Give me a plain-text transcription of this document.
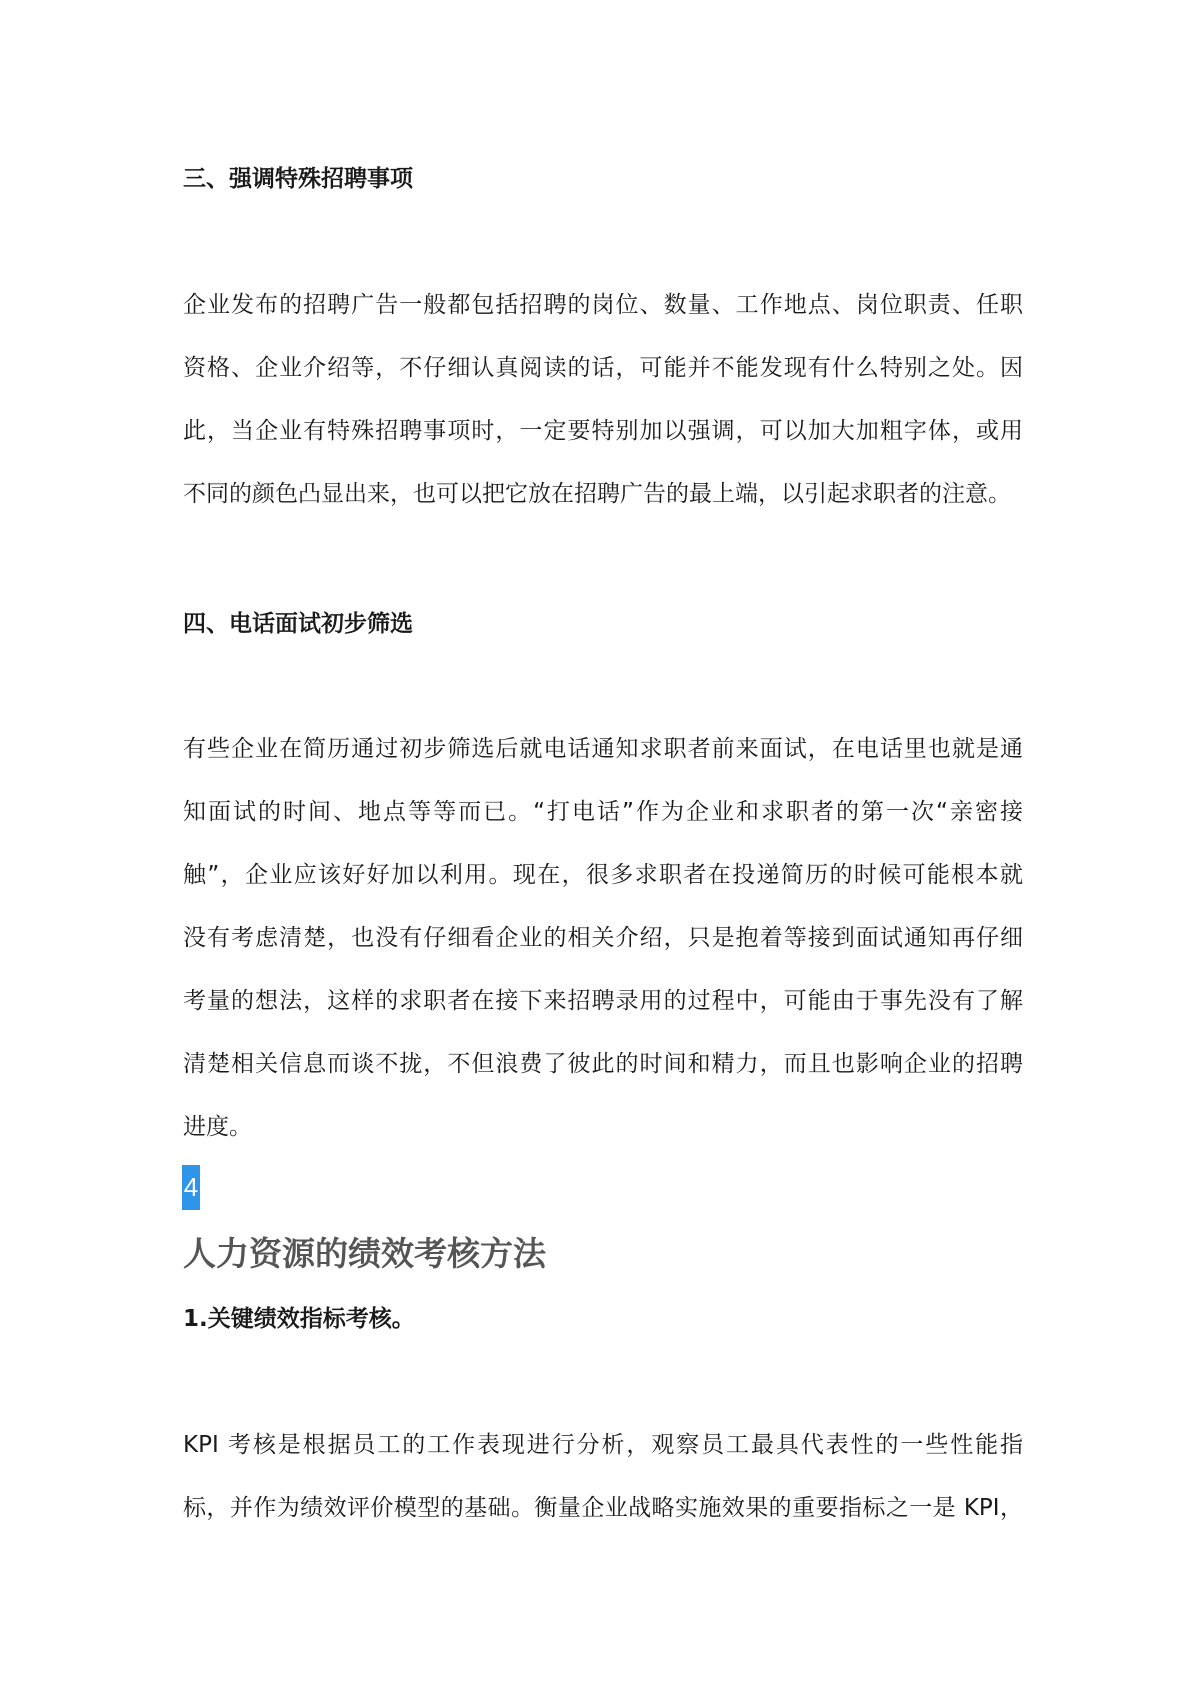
三、强调特殊招聘事项
企业发布的招聘广告一般都包括招聘的岗位、数量、工作地点、岗位职责、任职
资格、企业介绍等，不仔细认真阅读的话，可能并不能发现有什么特别之处。因
此，当企业有特殊招聘事项时，一定要特别加以强调，可以加大加粗字体，或用
不同的颜色凸显出来，也可以把它放在招聘广告的最上端，以引起求职者的注意。
四、电话面试初步筛选
有些企业在简历通过初步筛选后就电话通知求职者前来面试，在电话里也就是通
知面试的时间、地点等等而已。“打电话”作为企业和求职者的第一次“亲密接
触”，企业应该好好加以利用。现在，很多求职者在投递简历的时候可能根本就
没有考虑清楚，也没有仔细看企业的相关介绍，只是抱着等接到面试通知再仔细
考量的想法，这样的求职者在接下来招聘录用的过程中，可能由于事先没有了解
清楚相关信息而谈不拢，不但浪费了彼此的时间和精力，而且也影响企业的招聘
进度。
4
人力资源的绩效考核方法
1.关键绩效指标考核。
KPI 考核是根据员工的工作表现进行分析，观察员工最具代表性的一些性能指
标，并作为绩效评价模型的基础。衡量企业战略实施效果的重要指标之一是 KPI，
